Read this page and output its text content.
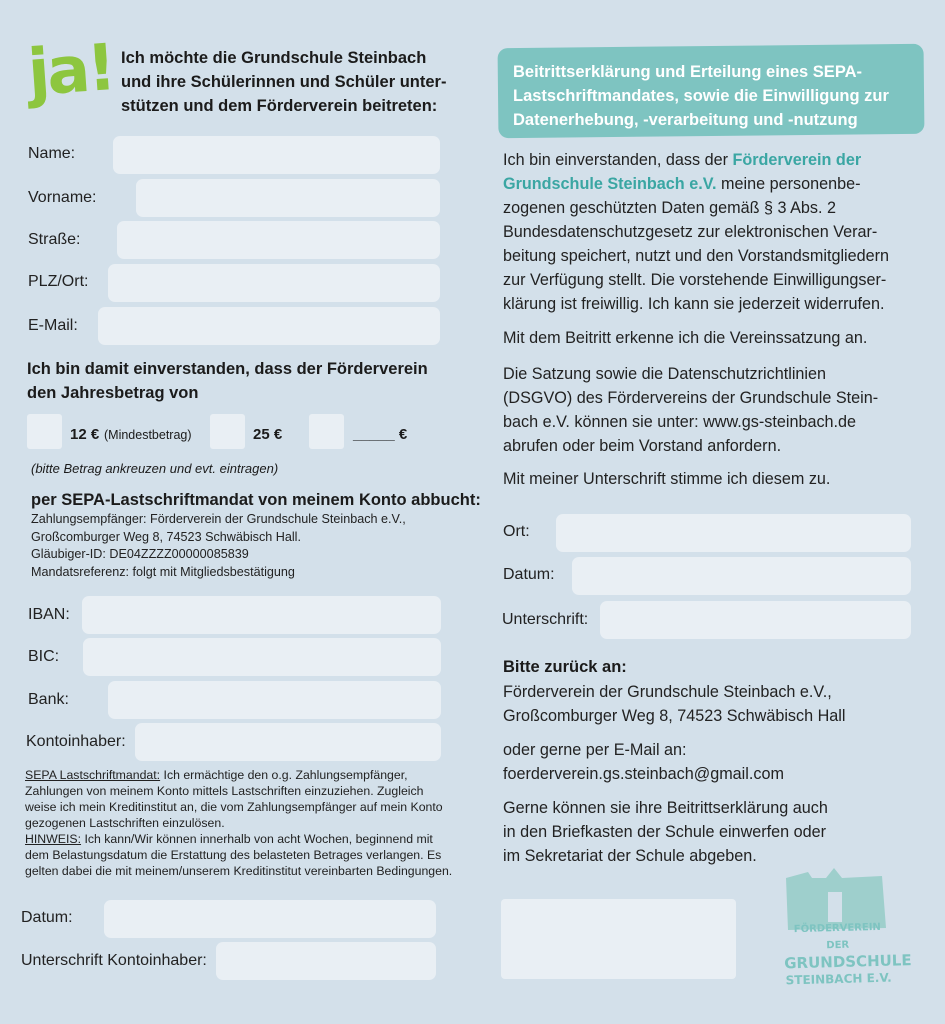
ja! Ich möchte die Grundschule Steinbach
und ihre Schülerinnen und Schüler unter-
stützen und dem Förderverein beitreten:
Name:
Vorname:
Straße:
PLZ/Ort:
E-Mail:
Ich bin damit einverstanden, dass der Förderverein
den Jahresbetrag von
12 € (Mindestbetrag)	25 €	_____ €
(bitte Betrag ankreuzen und evt. eintragen)
per SEPA-Lastschriftmandat von meinem Konto abbucht:
Zahlungsempfänger: Förderverein der Grundschule Steinbach e.V.,
Großcomburger Weg 8, 74523 Schwäbisch Hall.
Gläubiger-ID: DE04ZZZZ00000085839
Mandatsreferenz: folgt mit Mitgliedsbestätigung
IBAN:
BIC:
Bank:
Kontoinhaber:
SEPA Lastschriftmandat: Ich ermächtige den o.g. Zahlungsempfänger,
Zahlungen von meinem Konto mittels Lastschriften einzuziehen. Zugleich
weise ich mein Kreditinstitut an, die vom Zahlungsempfänger auf mein Konto
gezogenen Lastschriften einzulösen.
HINWEIS: Ich kann/Wir können innerhalb von acht Wochen, beginnend mit
dem Belastungsdatum die Erstattung des belasteten Betrages verlangen. Es
gelten dabei die mit meinem/unserem Kreditinstitut vereinbarten Bedingungen.
Datum:
Unterschrift Kontoinhaber:
Beitrittserklärung und Erteilung eines SEPA-
Lastschriftmandates, sowie die Einwilligung zur
Datenerhebung, -verarbeitung und -nutzung
Ich bin einverstanden, dass der Förderverein der
Grundschule Steinbach e.V. meine personenbe-
zogenen geschützten Daten gemäß § 3 Abs. 2
Bundesdatenschutzgesetz zur elektronischen Verar-
beitung speichert, nutzt und den Vorstandsmitgliedern
zur Verfügung stellt. Die vorstehende Einwilligungser-
klärung ist freiwillig. Ich kann sie jederzeit widerrufen.
Mit dem Beitritt erkenne ich die Vereinssatzung an.
Die Satzung sowie die Datenschutzrichtlinien
(DSGVO) des Fördervereins der Grundschule Stein-
bach e.V. können sie unter: www.gs-steinbach.de
abrufen oder beim Vorstand anfordern.
Mit meiner Unterschrift stimme ich diesem zu.
Ort:
Datum:
Unterschrift:
Bitte zurück an:
Förderverein der Grundschule Steinbach e.V.,
Großcomburger Weg 8, 74523 Schwäbisch Hall
oder gerne per E-Mail an:
foerderverein.gs.steinbach@gmail.com
Gerne können sie ihre Beitrittserklärung auch
in den Briefkasten der Schule einwerfen oder
im Sekretariat der Schule abgeben.
FÖRDERVEREIN DER
GRUNDSCHULE
STEINBACH E.V.
